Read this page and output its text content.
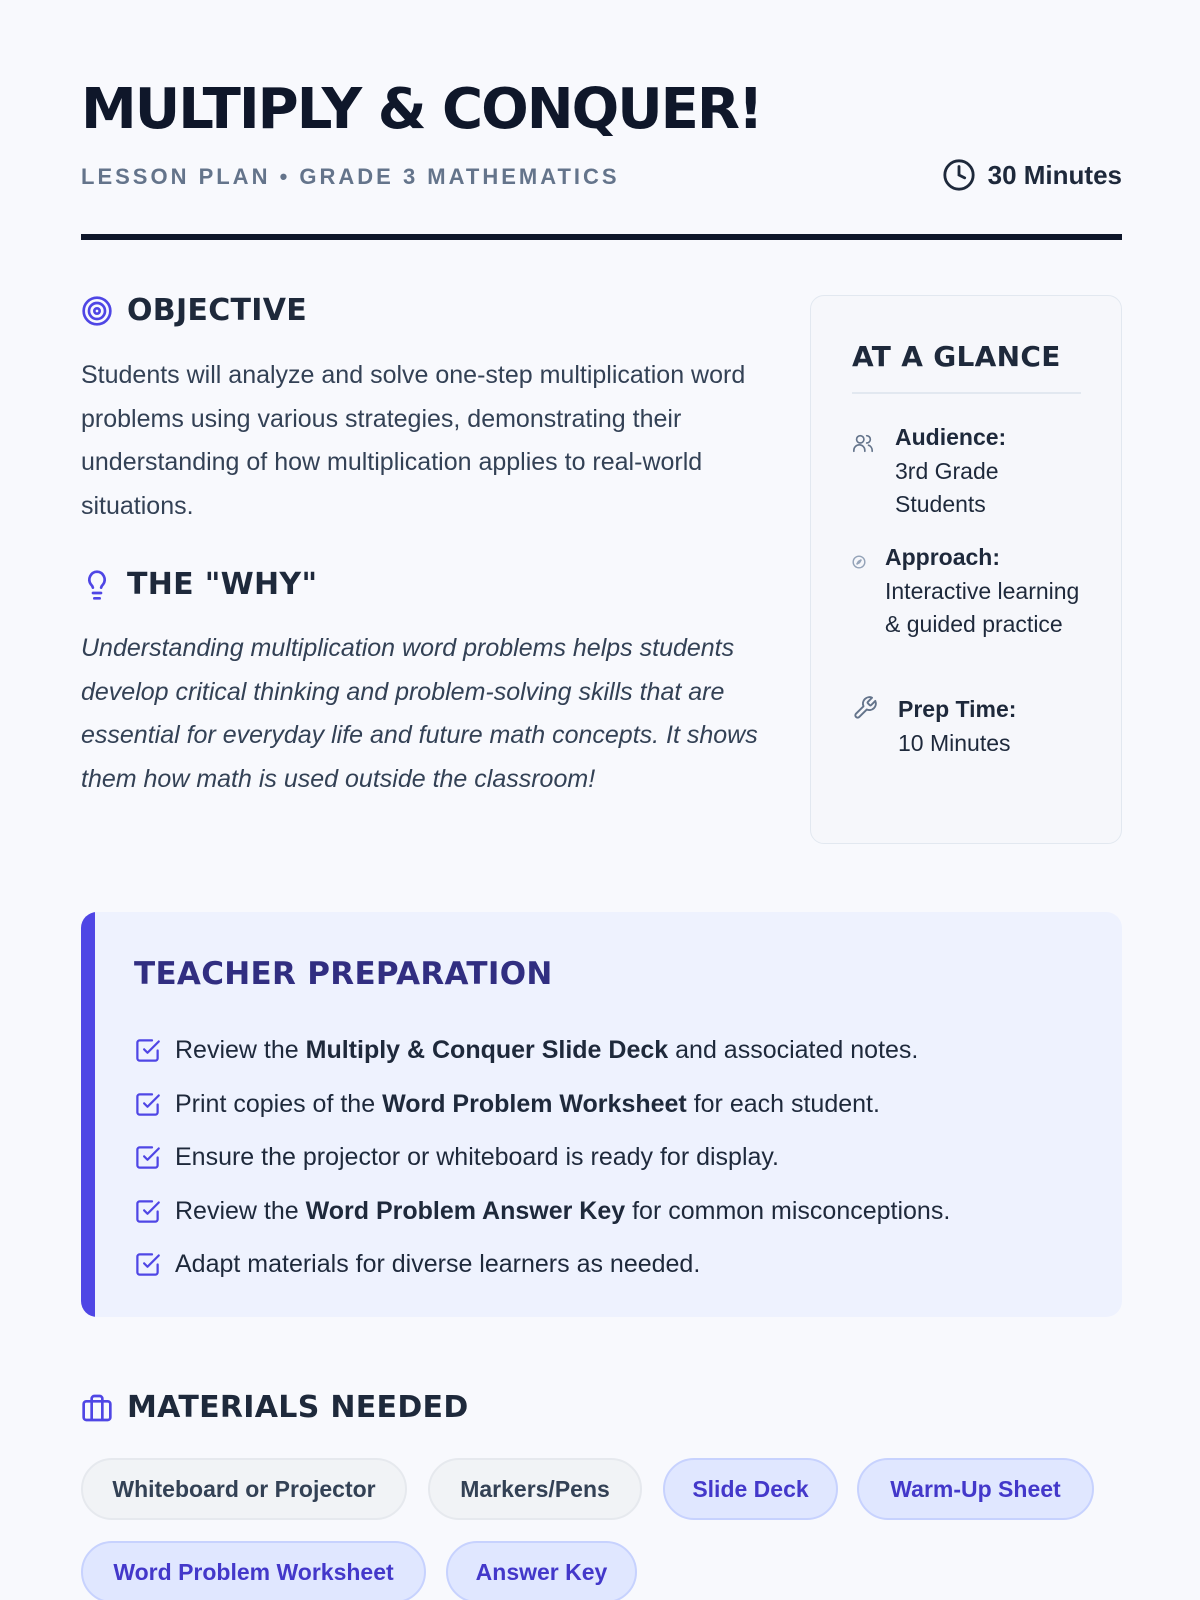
MULTIPLY & CONQUER!
LESSON PLAN • GRADE 3 MATHEMATICS	30 Minutes
OBJECTIVE

Students will analyze and solve one-step multiplication word problems using various strategies, demonstrating their understanding of how multiplication applies to real-world situations.

THE "WHY"

Understanding multiplication word problems helps students develop critical thinking and problem-solving skills that are essential for everyday life and future math concepts. It shows them how math is used outside the classroom!

AT A GLANCE
Audience:
3rd Grade Students
Approach:
Interactive learning & guided practice
Prep Time:
10 Minutes
TEACHER PREPARATION
Review the Multiply & Conquer Slide Deck and associated notes.
Print copies of the Word Problem Worksheet for each student.
Ensure the projector or whiteboard is ready for display.
Review the Word Problem Answer Key for common misconceptions.
Adapt materials for diverse learners as needed.
MATERIALS NEEDED
Whiteboard or Projector	Markers/Pens	Slide Deck	Warm-Up Sheet
Word Problem Worksheet	Answer Key
